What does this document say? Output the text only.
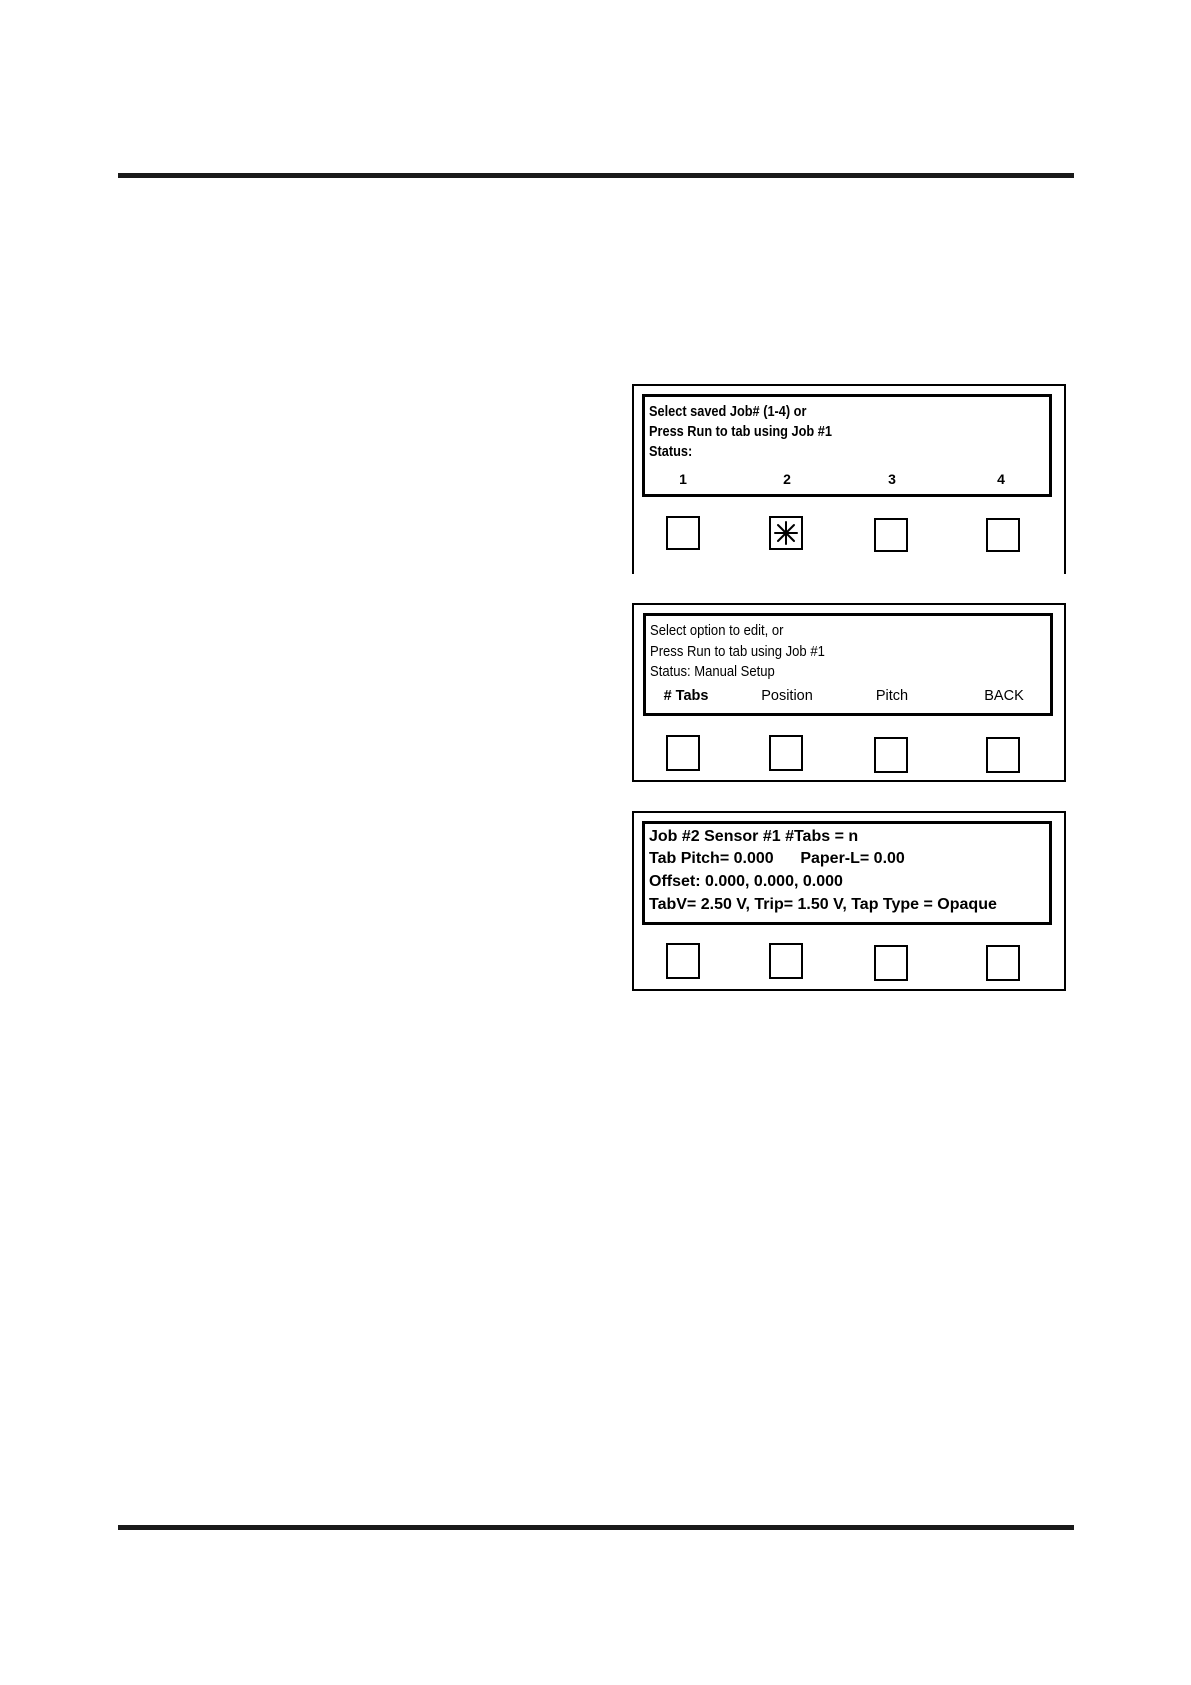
Select saved Job# (1-4) or
Press Run to tab using Job #1
Status:
1	2	3	4
Select option to edit, or
Press Run to tab using Job #1
Status: Manual Setup
# Tabs	Position	Pitch	BACK
Job #2 Sensor #1 #Tabs = n
Tab Pitch= 0.000      Paper-L= 0.00
Offset: 0.000, 0.000, 0.000
TabV= 2.50 V, Trip= 1.50 V, Tap Type = Opaque
